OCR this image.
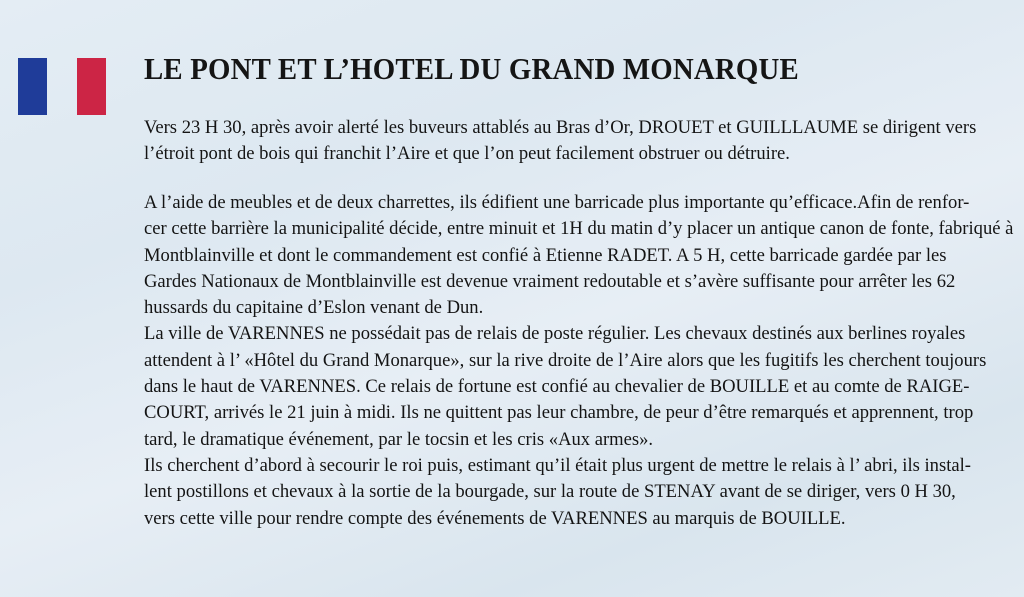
LE PONT ET L’HOTEL DU GRAND MONARQUE

Vers 23 H 30, après avoir alerté les buveurs attablés au Bras d’Or, DROUET et GUILLLAUME se dirigent vers
l’étroit pont de bois qui franchit l’Aire et que l’on peut facilement obstruer ou détruire.

A l’aide de meubles et de deux charrettes, ils édifient une barricade plus importante qu’efficace.Afin de renfor-
cer cette barrière la municipalité décide, entre minuit et 1H du matin d’y placer un antique canon de fonte, fabriqué à
Montblainville et dont le commandement est confié à Etienne RADET. A 5 H, cette barricade gardée par les
Gardes Nationaux de Montblainville est devenue vraiment redoutable et s’avère suffisante pour arrêter les 62
hussards du capitaine d’Eslon venant de Dun.
La ville de VARENNES ne possédait pas de relais de poste régulier. Les chevaux destinés aux berlines royales
attendent à l’ «Hôtel du Grand Monarque», sur la rive droite de l’Aire alors que les fugitifs les cherchent toujours
dans le haut de VARENNES. Ce relais de fortune est confié au chevalier de BOUILLE et au comte de RAIGE-
COURT, arrivés le 21 juin à midi. Ils ne quittent pas leur chambre, de peur d’être remarqués et apprennent, trop
tard, le dramatique événement, par le tocsin et les cris «Aux armes».
Ils cherchent d’abord à secourir le roi puis, estimant qu’il était plus urgent de mettre le relais à l’ abri, ils instal-
lent postillons et chevaux à la sortie de la bourgade, sur la route de STENAY avant de se diriger, vers 0 H 30,
vers cette ville pour rendre compte des événements de VARENNES au marquis de BOUILLE.
